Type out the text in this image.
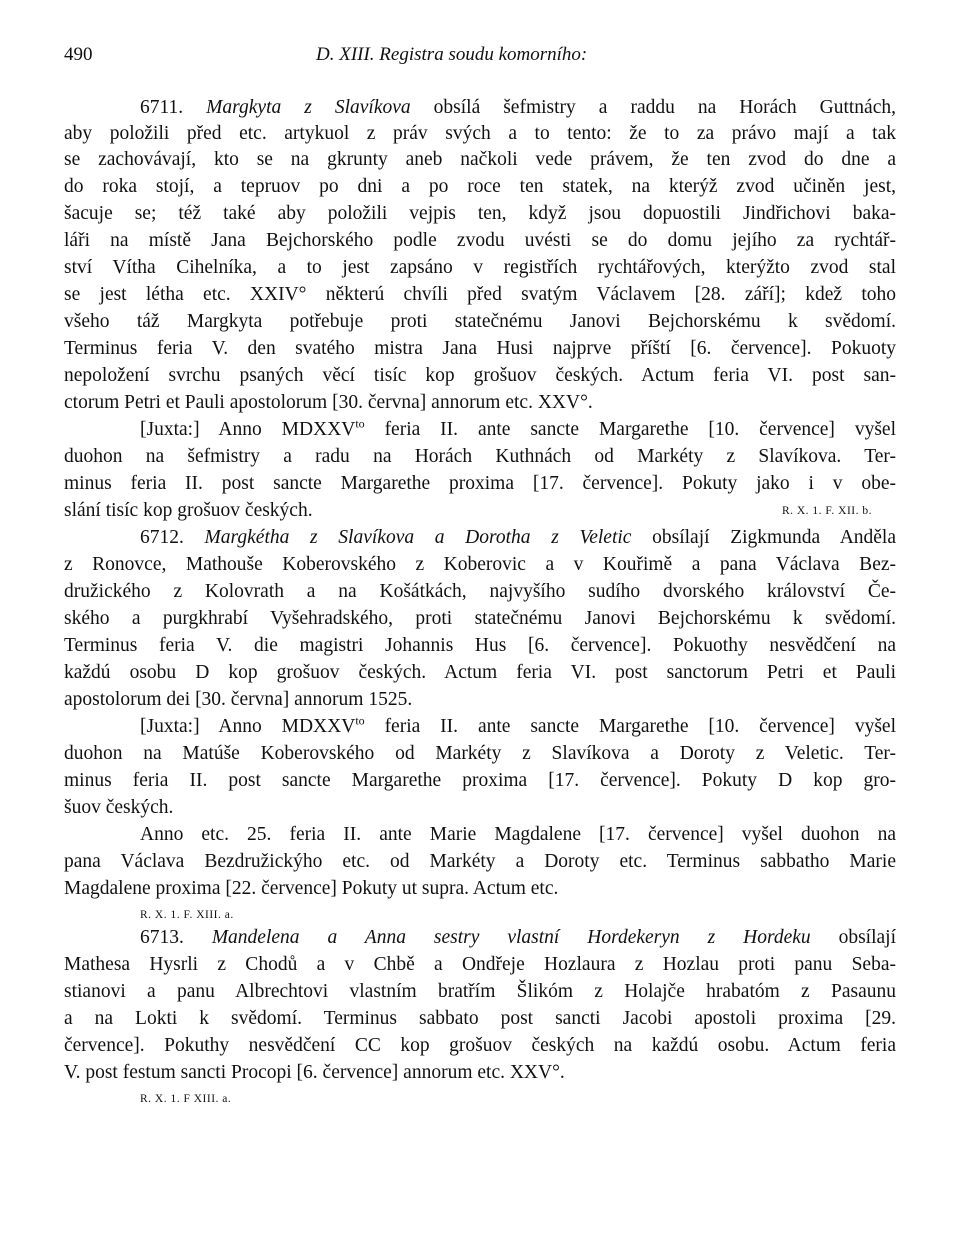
490	D. XIII. Registra soudu komorního:
6711. Margkyta z Slavíkova obsílá šefmistry a raddu na Horách Guttnách,
aby položili před etc. artykuol z práv svých a to tento: že to za právo mají a tak
se zachovávají, kto se na gkrunty aneb načkoli vede právem, že ten zvod do dne a
do roka stojí, a tepruov po dni a po roce ten statek, na kterýž zvod učiněn jest,
šacuje se; též také aby položili vejpis ten, když jsou dopuostili Jindřichovi baka-
láři na místě Jana Bejchorského podle zvodu uvésti se do domu jejího za rychtář-
ství Vítha Cihelníka, a to jest zapsáno v registřích rychtářových, kterýžto zvod stal
se jest létha etc. XXIV° některú chvíli před svatým Václavem [28. září]; kdež toho
všeho táž Margkyta potřebuje proti statečnému Janovi Bejchorskému k svědomí.
Terminus feria V. den svatého mistra Jana Husi najprve příští [6. července]. Pokuoty
nepoložení svrchu psaných věcí tisíc kop grošuov českých. Actum feria VI. post san-
ctorum Petri et Pauli apostolorum [30. června] annorum etc. XXV°.
[Juxta:] Anno $MDXXV^{to}$ feria II. ante sancte Margarethe [10. července] vyšel
duohon na šefmistry a radu na Horách Kuthnách od Markéty z Slavíkova. Ter-
minus feria II. post sancte Margarethe proxima [17. července]. Pokuty jako i v obe-
slání tisíc kop grošuov českých.	R. X. 1. F. XII. b.
6712. Margkétha z Slavíkova a Dorotha z Veletic obsílají Zigkmunda Anděla
z Ronovce, Mathouše Koberovského z Koberovic a v Kouřimě a pana Václava Bez-
družického z Kolovrath a na Košátkách, najvyšího sudího dvorského království Če-
ského a purgkhrabí Vyšehradského, proti statečnému Janovi Bejchorskému k svědomí.
Terminus feria V. die magistri Johannis Hus [6. července]. Pokuothy nesvědčení na
každú osobu D kop grošuov českých. Actum feria VI. post sanctorum Petri et Pauli
apostolorum dei [30. června] annorum 1525.
[Juxta:] Anno $MDXXV^{to}$ feria II. ante sancte Margarethe [10. července] vyšel
duohon na Matúše Koberovského od Markéty z Slavíkova a Doroty z Veletic. Ter-
minus feria II. post sancte Margarethe proxima [17. července]. Pokuty D kop gro-
šuov českých.
Anno etc. 25. feria II. ante Marie Magdalene [17. července] vyšel duohon na
pana Václava Bezdružickýho etc. od Markéty a Doroty etc. Terminus sabbatho Marie
Magdalene proxima [22. července] Pokuty ut supra. Actum etc.
R. X. 1. F. XIII. a.
6713. Mandelena a Anna sestry vlastní Hordekeryn z Hordeku obsílají
Mathesa Hysrli z Chodů a v Chbě a Ondřeje Hozlaura z Hozlau proti panu Seba-
stianovi a panu Albrechtovi vlastním bratřím Šlikóm z Holajče hrabatóm z Pasaunu
a na Lokti k svědomí. Terminus sabbato post sancti Jacobi apostoli proxima [29.
července]. Pokuthy nesvědčení CC kop grošuov českých na každú osobu. Actum feria
V. post festum sancti Procopi [6. července] annorum etc. XXV°.
R. X. 1. F XIII. a.
